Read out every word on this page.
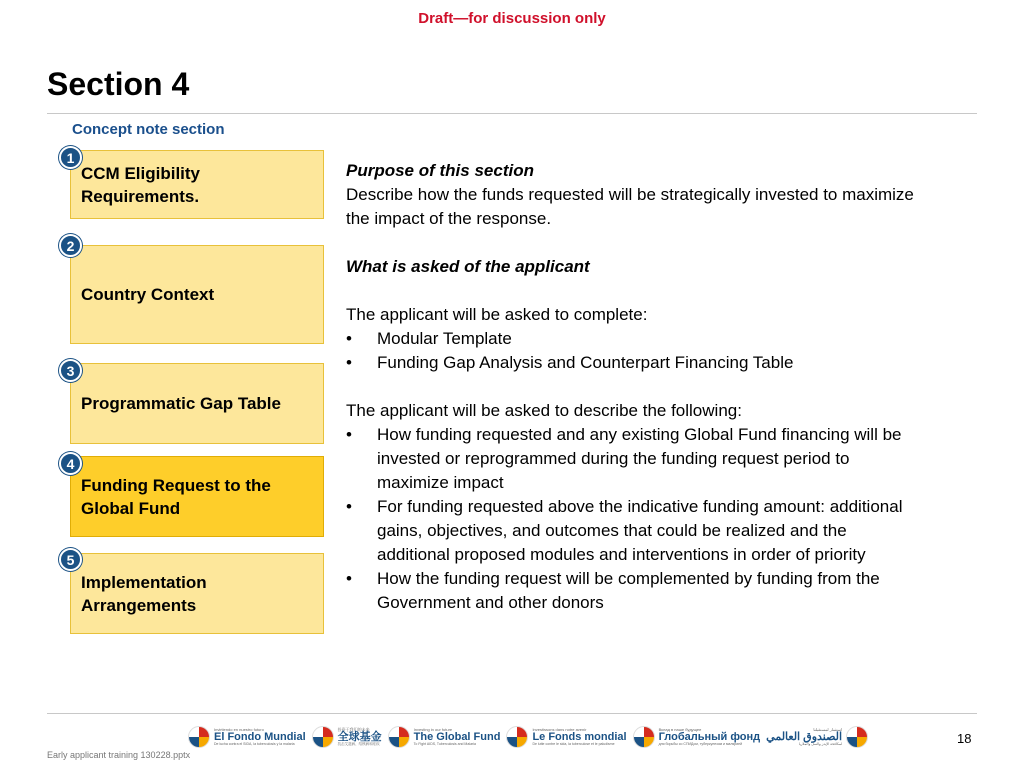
Draft—for discussion only
Section 4
Concept note section
CCM Eligibility Requirements.
1
Country Context
2
Programmatic Gap Table
3
Funding Request to the Global Fund
4
Implementation Arrangements
5

Purpose of this section

Describe how the funds requested will be strategically invested to maximize the impact of the response.

What is asked of the applicant

The applicant will be asked to complete:

• Modular Template
• Funding Gap Analysis and Counterpart Financing Table

The applicant will be asked to describe the following:

• How funding requested and any existing Global Fund financing will be invested or reprogrammed during the funding request period to maximize impact
• For funding requested above the indicative funding amount: additional gains, objectives, and outcomes that could be realized and the additional proposed modules and interventions in order of priority
• How the funding request will be complemented by funding from the Government and other donors
Invirtiendo en nuestro futuro
El Fondo Mundial
De lucha contra el SIDA, la tuberculosis y la malaria
投资于我们的未来
全球基金
抗击艾滋病、结核病和疟疾
Investing in our future
The Global Fund
To Fight AIDS, Tuberculosis and Malaria
Investissons dans notre avenir
Le Fonds mondial
De lutte contre le sida, la tuberculose et le paludisme
Вклад в наше будущее
Глобальный фонд
для борьбы со СПИДом, туберкулезом и малярией
استثمار لمستقبلنا
الصندوق العالمي
لمكافحة الإيدز والسل والملاريا	18
Early applicant training 130228.pptx
